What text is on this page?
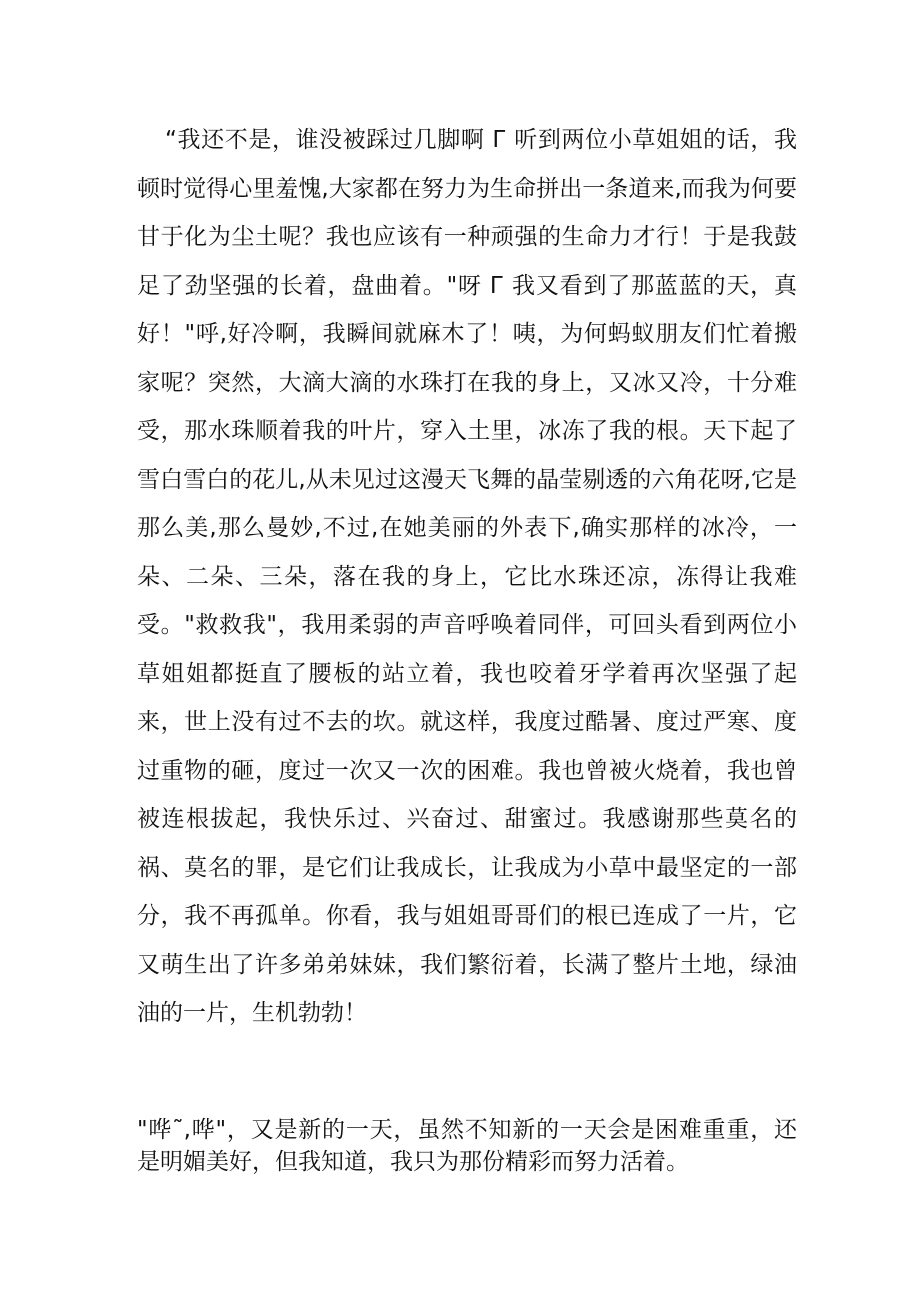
“我还不是，谁没被踩过几脚啊 Г 听到两位小草姐姐的话，我顿时觉得心里羞愧,大家都在努力为生命拼出一条道来,而我为何要甘于化为尘土呢？我也应该有一种顽强的生命力才行！于是我鼓足了劲坚强的长着，盘曲着。"呀 Г 我又看到了那蓝蓝的天，真好！"呼,好冷啊，我瞬间就麻木了！咦，为何蚂蚁朋友们忙着搬家呢？突然，大滴大滴的水珠打在我的身上，又冰又冷，十分难受，那水珠顺着我的叶片，穿入土里，冰冻了我的根。天下起了雪白雪白的花儿,从未见过这漫天飞舞的晶莹剔透的六角花呀,它是那么美,那么曼妙,不过,在她美丽的外表下,确实那样的冰冷，一朵、二朵、三朵，落在我的身上，它比水珠还凉，冻得让我难受。"救救我"，我用柔弱的声音呼唤着同伴，可回头看到两位小草姐姐都挺直了腰板的站立着，我也咬着牙学着再次坚强了起来，世上没有过不去的坎。就这样，我度过酷暑、度过严寒、度过重物的砸，度过一次又一次的困难。我也曾被火烧着，我也曾被连根拔起，我快乐过、兴奋过、甜蜜过。我感谢那些莫名的祸、莫名的罪，是它们让我成长，让我成为小草中最坚定的一部分，我不再孤单。你看，我与姐姐哥哥们的根已连成了一片，它又萌生出了许多弟弟妹妹，我们繁衍着，长满了整片土地，绿油油的一片，生机勃勃！

"哗˜,哗"，又是新的一天，虽然不知新的一天会是困难重重，还是明媚美好，但我知道，我只为那份精彩而努力活着。
